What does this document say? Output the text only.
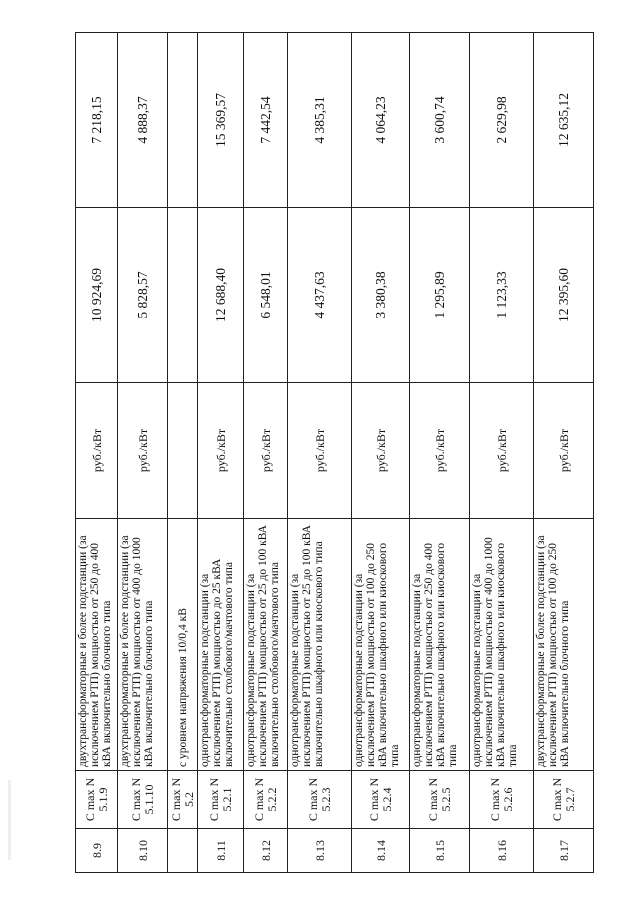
8.9	C max N 5.1.9	двухтрансформаторные и более подстанции (за исключением РТП) мощностью от 250 до 400 кВА включительно блочного типа	руб./кВт	10 924,69	7 218,15
8.10	C max N 5.1.10	двухтрансформаторные и более подстанции (за исключением РТП) мощностью от 400 до 1000 кВА включительно блочного типа	руб./кВт	5 828,57	4 888,37
	C max N 5.2	с уровнем напряжения 10/0,4 кВ			
8.11	C max N 5.2.1	однотрансформаторные подстанции (за исключением РТП) мощностью до 25 кВА включительно столбового/мачтового типа	руб./кВт	12 688,40	15 369,57
8.12	C max N 5.2.2	однотрансформаторные подстанции (за исключением РТП) мощностью от 25 до 100 кВА включительно столбового/мачтового типа	руб./кВт	6 548,01	7 442,54
8.13	C max N 5.2.3	однотрансформаторные подстанции (за исключением РТП) мощностью от 25 до 100 кВА включительно шкафного или киоскового типа	руб./кВт	4 437,63	4 385,31
8.14	C max N 5.2.4	однотрансформаторные подстанции (за исключением РТП) мощностью от 100 до 250 кВА включительно шкафного или киоскового типа	руб./кВт	3 380,38	4 064,23
8.15	C max N 5.2.5	однотрансформаторные подстанции (за исключением РТП) мощностью от 250 до 400 кВА включительно шкафного или киоскового типа	руб./кВт	1 295,89	3 600,74
8.16	C max N 5.2.6	однотрансформаторные подстанции (за исключением РТП) мощностью от 400 до 1000 кВА включительно шкафного или киоскового типа	руб./кВт	1 123,33	2 629,98
8.17	C max N 5.2.7	двухтрансформаторные и более подстанции (за исключением РТП) мощностью от 100 до 250 кВА включительно блочного типа	руб./кВт	12 395,60	12 635,12
